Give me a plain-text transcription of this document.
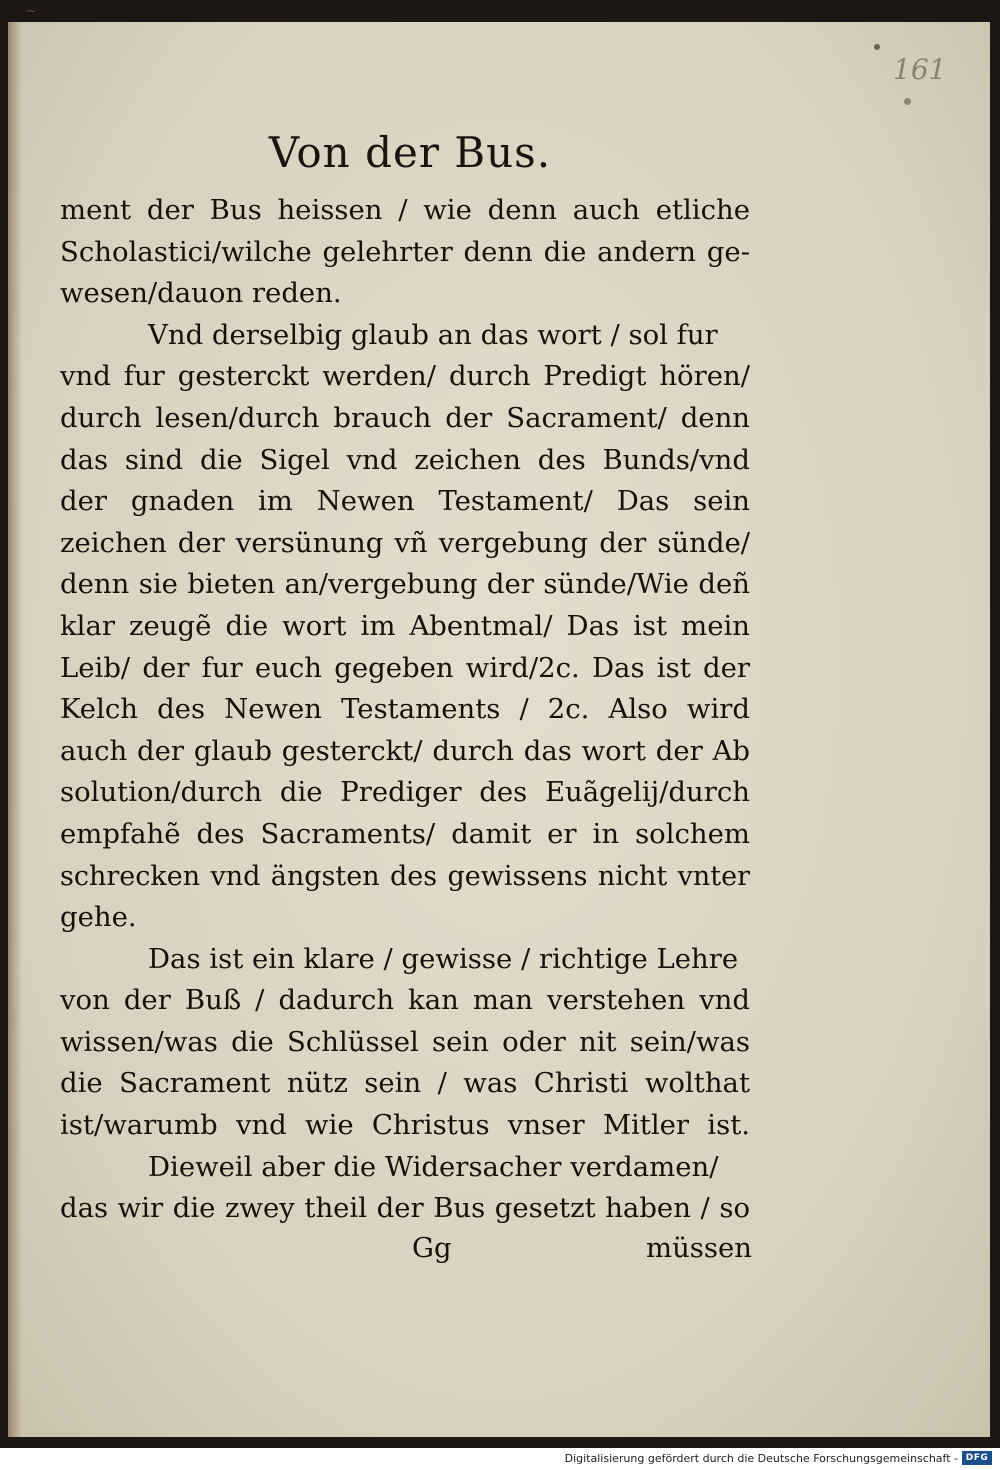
~
161
Von der Bus.
ment der Bus heissen / wie denn auch etliche
Scholastici/wilche gelehrter denn die andern ge-
wesen/dauon reden.
Vnd derselbig glaub an das wort / sol fur
vnd fur gesterckt werden/ durch Predigt hören/
durch lesen/durch brauch der Sacrament/ denn
das sind die Sigel vnd zeichen des Bunds/vnd
der gnaden im Newen Testament/ Das sein
zeichen der versünung vñ vergebung der sünde/
denn sie bieten an/vergebung der sünde/Wie deñ
klar zeugẽ die wort im Abentmal/ Das ist mein
Leib/ der fur euch gegeben wird/2c. Das ist der
Kelch des Newen Testaments / 2c. Also wird
auch der glaub gesterckt/ durch das wort der Ab
solution/durch die Prediger des Euãgelij/durch
empfahẽ des Sacraments/ damit er in solchem
schrecken vnd ängsten des gewissens nicht vnter
gehe.
Das ist ein klare / gewisse / richtige Lehre
von der Buß / dadurch kan man verstehen vnd
wissen/was die Schlüssel sein oder nit sein/was
die Sacrament nütz sein / was Christi wolthat
ist/warumb vnd wie Christus vnser Mitler ist.
Dieweil aber die Widersacher verdamen/
das wir die zwey theil der Bus gesetzt haben / so
Gg	müssen
Digitalisierung gefördert durch die Deutsche Forschungsgemeinschaft - DFG
